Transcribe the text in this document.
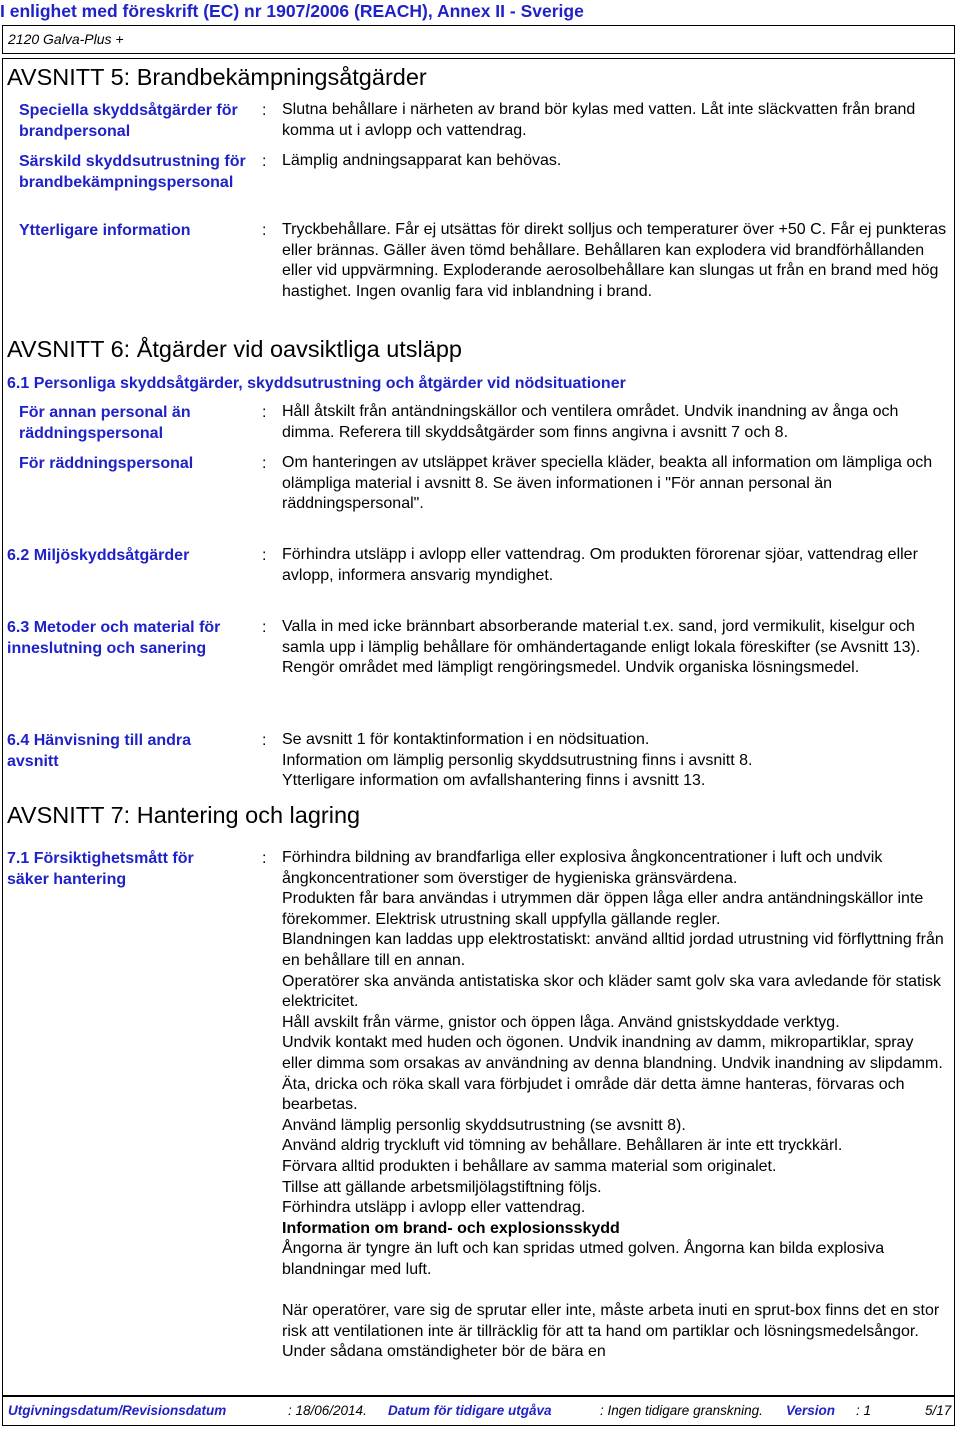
I enlighet med föreskrift (EC) nr 1907/2006 (REACH), Annex II - Sverige
2120 Galva-Plus +
AVSNITT 5: Brandbekämpningsåtgärder
Speciella skyddsåtgärder för brandpersonal
: Slutna behållare i närheten av brand bör kylas med vatten. Låt inte släckvatten från brand komma ut i avlopp och vattendrag.
Särskild skyddsutrustning för brandbekämpningspersonal
: Lämplig andningsapparat kan behövas.
Ytterligare information	: Tryckbehållare. Får ej utsättas för direkt solljus och temperaturer över +50 C. Får ej punkteras eller brännas. Gäller även tömd behållare. Behållaren kan explodera vid brandförhållanden eller vid uppvärmning. Exploderande aerosolbehållare kan slungas ut från en brand med hög hastighet. Ingen ovanlig fara vid inblandning i brand.
AVSNITT 6: Åtgärder vid oavsiktliga utsläpp
6.1 Personliga skyddsåtgärder, skyddsutrustning och åtgärder vid nödsituationer
För annan personal än räddningspersonal
: Håll åtskilt från antändningskällor och ventilera området. Undvik inandning av ånga och dimma. Referera till skyddsåtgärder som finns angivna i avsnitt 7 och 8.
För räddningspersonal	: Om hanteringen av utsläppet kräver speciella kläder, beakta all information om lämpliga och olämpliga material i avsnitt 8. Se även informationen i "För annan personal än räddningspersonal".
6.2 Miljöskyddsåtgärder	: Förhindra utsläpp i avlopp eller vattendrag. Om produkten förorenar sjöar, vattendrag eller avlopp, informera ansvarig myndighet.
6.3 Metoder och material för inneslutning och sanering
: Valla in med icke brännbart absorberande material t.ex. sand, jord vermikulit, kiselgur och samla upp i lämplig behållare för omhändertagande enligt lokala föreskifter (se Avsnitt 13). Rengör området med lämpligt rengöringsmedel. Undvik organiska lösningsmedel.
6.4 Hänvisning till andra avsnitt
: Se avsnitt 1 för kontaktinformation i en nödsituation.

Information om lämplig personlig skyddsutrustning finns i avsnitt 8.

Ytterligare information om avfallshantering finns i avsnitt 13.

AVSNITT 7: Hantering och lagring
7.1 Försiktighetsmått för säker hantering
: Förhindra bildning av brandfarliga eller explosiva ångkoncentrationer i luft och undvik ångkoncentrationer som överstiger de hygieniska gränsvärdena.

Produkten får bara användas i utrymmen där öppen låga eller andra antändningskällor inte förekommer. Elektrisk utrustning skall uppfylla gällande regler.

Blandningen kan laddas upp elektrostatiskt: använd alltid jordad utrustning vid förflyttning från en behållare till en annan.

Operatörer ska använda antistatiska skor och kläder samt golv ska vara avledande för statisk elektricitet.

Håll avskilt från värme, gnistor och öppen låga. Använd gnistskyddade verktyg.

Undvik kontakt med huden och ögonen. Undvik inandning av damm, mikropartiklar, spray eller dimma som orsakas av användning av denna blandning. Undvik inandning av slipdamm.

Äta, dricka och röka skall vara förbjudet i område där detta ämne hanteras, förvaras och bearbetas.

Använd lämplig personlig skyddsutrustning (se avsnitt 8).

Använd aldrig tryckluft vid tömning av behållare. Behållaren är inte ett tryckkärl.

Förvara alltid produkten i behållare av samma material som originalet.

Tillse att gällande arbetsmiljölagstiftning följs.

Förhindra utsläpp i avlopp eller vattendrag.

Information om brand- och explosionsskydd

Ångorna är tyngre än luft och kan spridas utmed golven. Ångorna kan bilda explosiva blandningar med luft.

När operatörer, vare sig de sprutar eller inte, måste arbeta inuti en sprut-box finns det en stor risk att ventilationen inte är tillräcklig för att ta hand om partiklar och lösningsmedelsångor. Under sådana omständigheter bör de bära en

Utgivningsdatum/Revisionsdatum	: 18/06/2014. Datum för tidigare utgåva	: Ingen tidigare granskning. Version : 1	5/17
